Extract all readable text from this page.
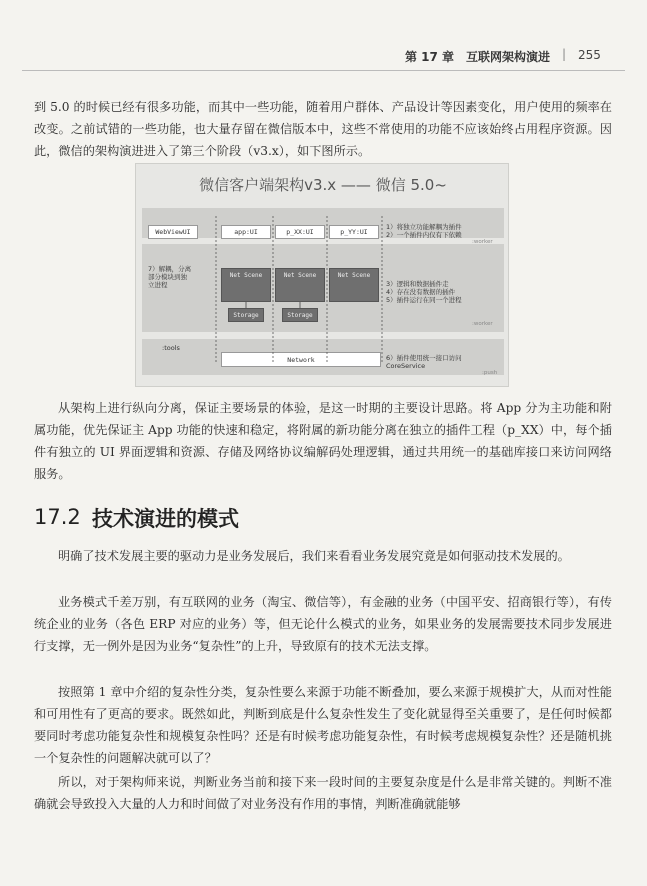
第 17 章　互联网架构演进 | 255

到 5.0 的时候已经有很多功能，而其中一些功能，随着用户群体、产品设计等因素变化，用户使用的频率在改变。之前试错的一些功能，也大量存留在微信版本中，这些不常使用的功能不应该始终占用程序资源。因此，微信的架构演进进入了第三个阶段（v3.x），如下图所示。

微信客户端架构v3.x —— 微信 5.0~
WebViewUI	app:UI	p_XX:UI	p_YY:UI
Net Scene	Net Scene	Net Scene
Storage	Storage
Network
1）将独立功能解耦为插件
2）一个插件内仅有下依赖
:worker
3）逻辑和数据插件走
4）存在没有数据的插件
5）插件运行在同一个进程
:worker
6）插件使用统一接口访问
CoreService
:push
7）解耦，分离
部分模块到独
立进程
:tools

从架构上进行纵向分离，保证主要场景的体验，是这一时期的主要设计思路。将 App 分为主功能和附属功能，优先保证主 App 功能的快速和稳定，将附属的新功能分离在独立的插件工程（p_XX）中，每个插件有独立的 UI 界面逻辑和资源、存储及网络协议编解码处理逻辑，通过共用统一的基础库接口来访问网络服务。

17.2 技术演进的模式

明确了技术发展主要的驱动力是业务发展后，我们来看看业务发展究竟是如何驱动技术发展的。

业务模式千差万别，有互联网的业务（淘宝、微信等），有金融的业务（中国平安、招商银行等），有传统企业的业务（各色 ERP 对应的业务）等，但无论什么模式的业务，如果业务的发展需要技术同步发展进行支撑，无一例外是因为业务“复杂性”的上升，导致原有的技术无法支撑。

按照第 1 章中介绍的复杂性分类，复杂性要么来源于功能不断叠加，要么来源于规模扩大，从而对性能和可用性有了更高的要求。既然如此，判断到底是什么复杂性发生了变化就显得至关重要了，是任何时候都要同时考虑功能复杂性和规模复杂性吗？还是有时候考虑功能复杂性，有时候考虑规模复杂性？还是随机挑一个复杂性的问题解决就可以了？

所以，对于架构师来说，判断业务当前和接下来一段时间的主要复杂度是什么是非常关键的。判断不准确就会导致投入大量的人力和时间做了对业务没有作用的事情，判断准确就能够
